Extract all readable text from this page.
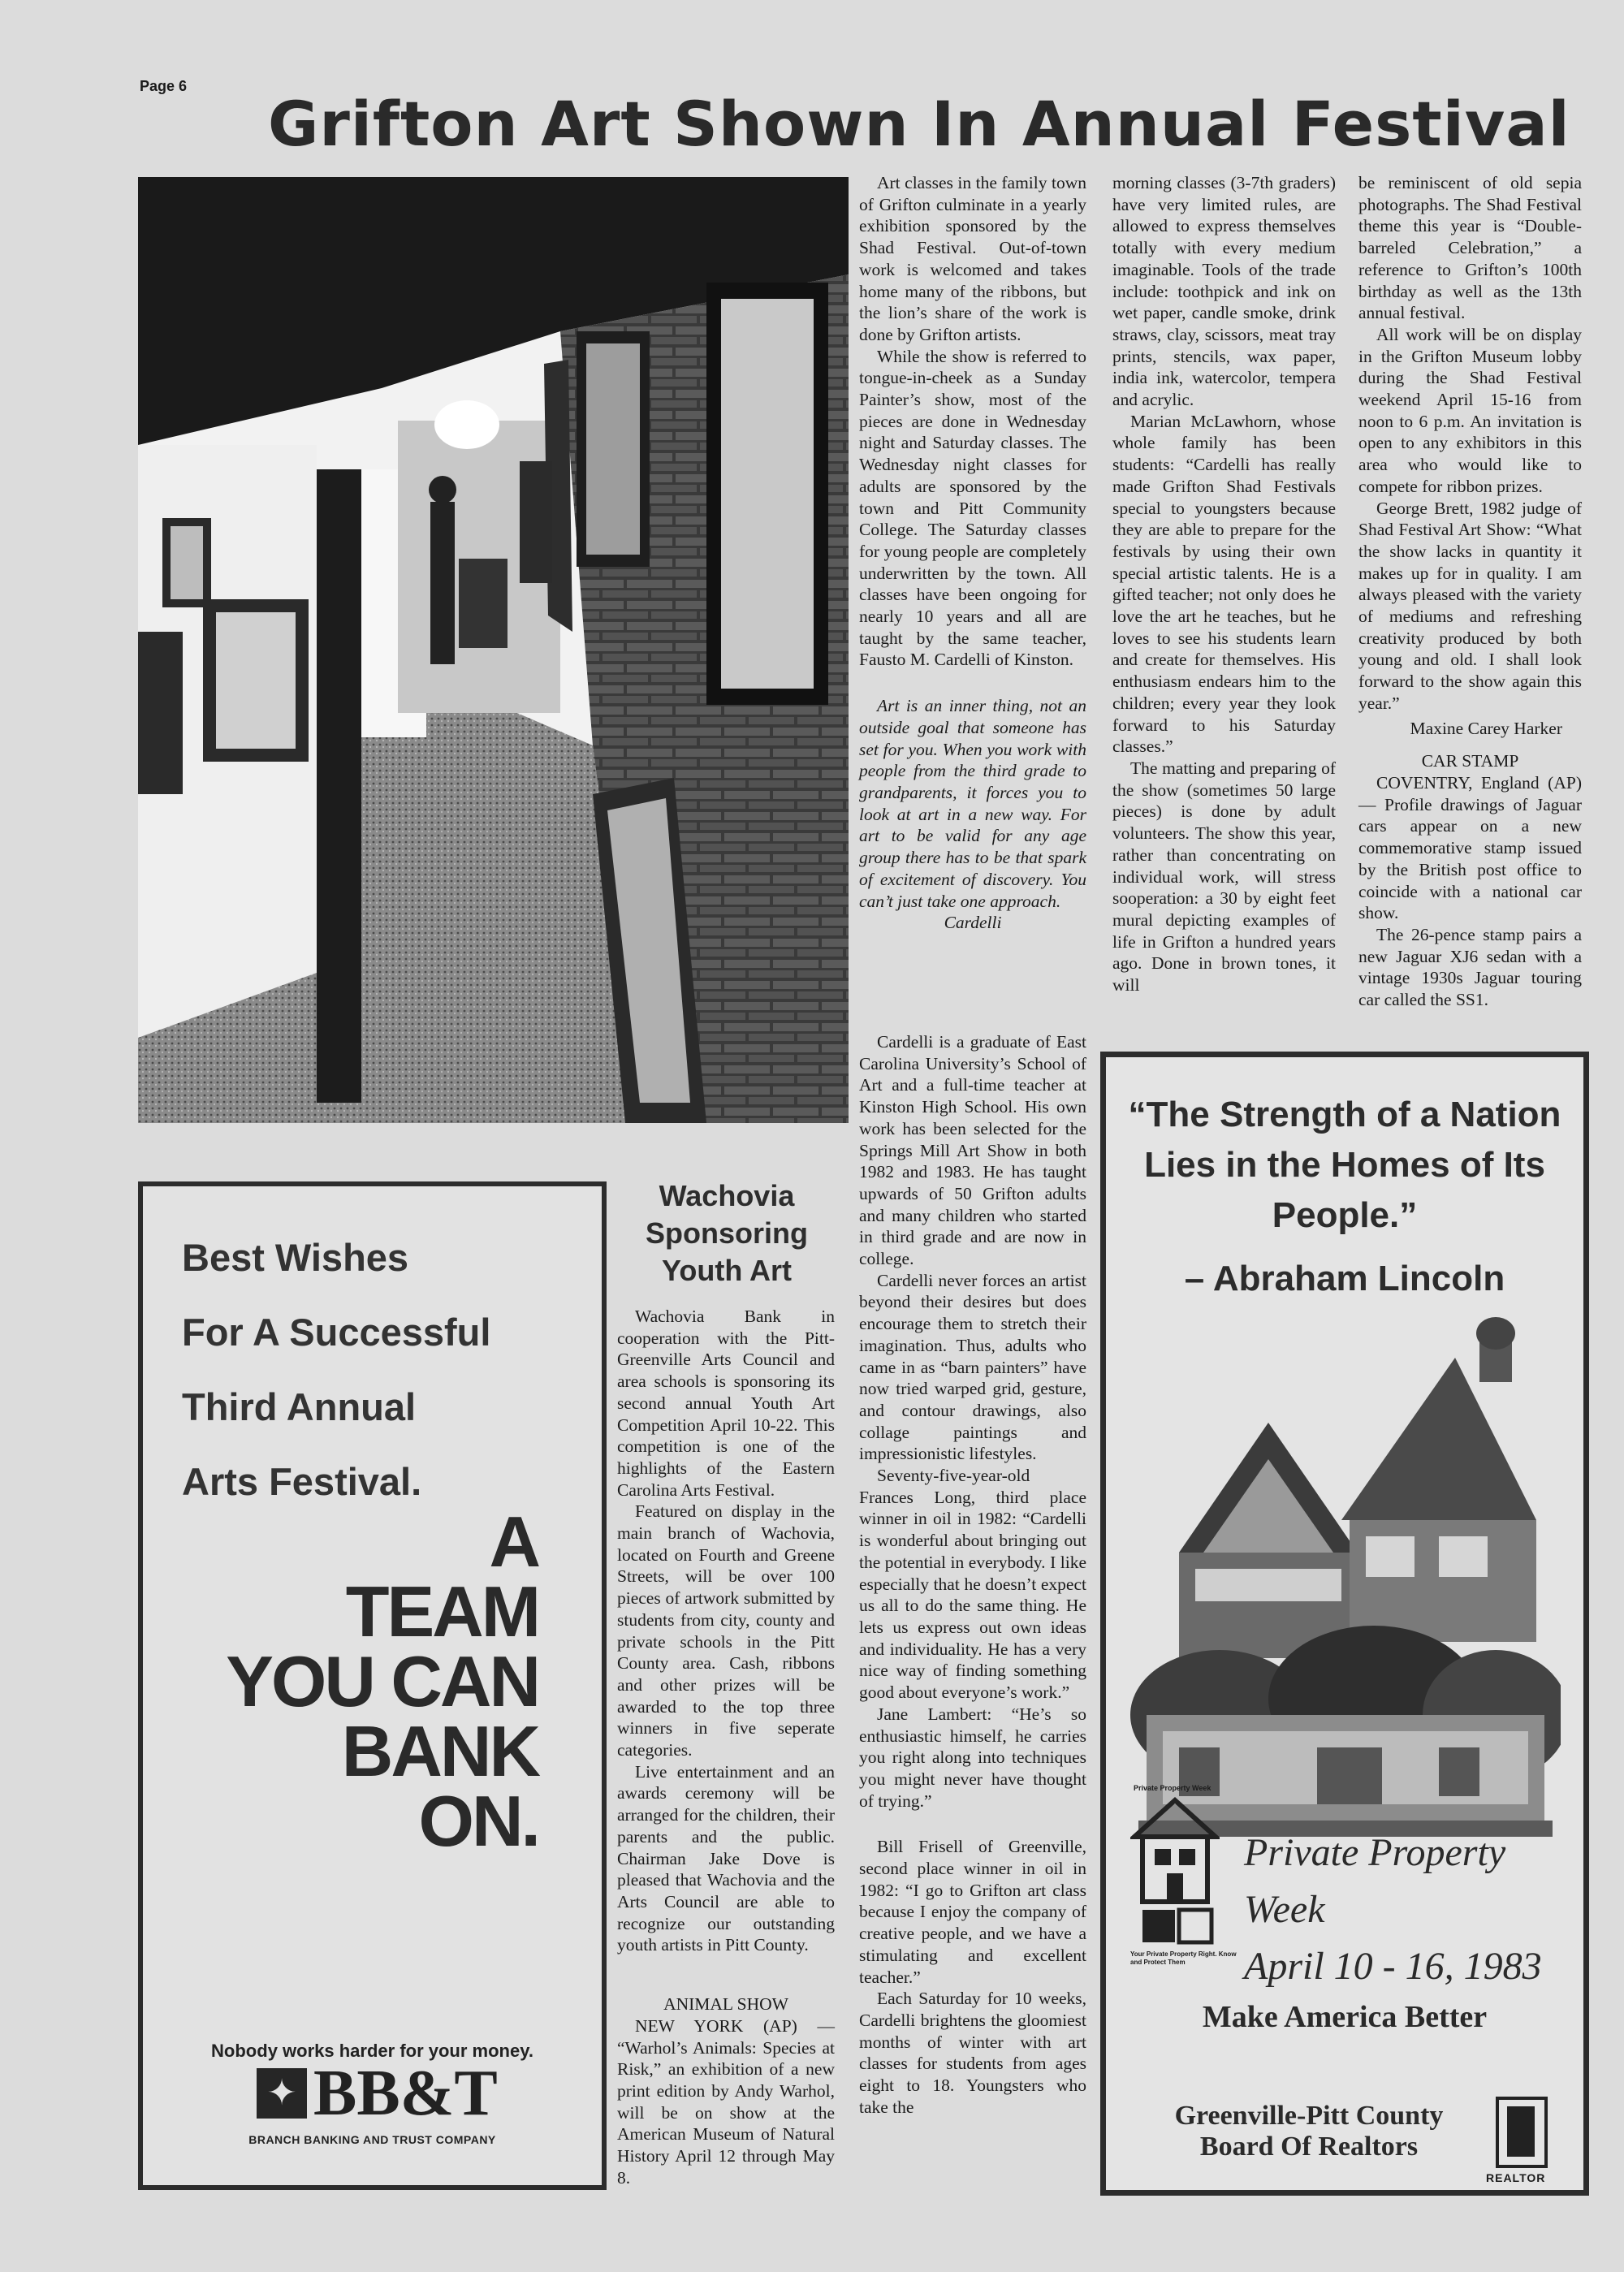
Page 6
Grifton Art Shown In Annual Festival

Art classes in the family town of Grifton culminate in a yearly exhibition sponsored by the Shad Festival. Out-of-town work is welcomed and takes home many of the ribbons, but the lion’s share of the work is done by Grifton artists.

While the show is referred to tongue-in-cheek as a Sunday Painter’s show, most of the pieces are done in Wednesday night and Saturday classes. The Wednesday night classes for adults are sponsored by the town and Pitt Community College. The Saturday classes for young people are completely underwritten by the town. All classes have been ongoing for nearly 10 years and all are taught by the same teacher, Fausto M. Cardelli of Kinston.

Art is an inner thing, not an outside goal that someone has set for you. When you work with people from the third grade to grandparents, it forces you to look at art in a new way. For art to be valid for any age group there has to be that spark of excitement of discovery. You can’t just take one approach.

Cardelli

Cardelli is a graduate of East Carolina University’s School of Art and a full-time teacher at Kinston High School. His own work has been selected for the Springs Mill Art Show in both 1982 and 1983. He has taught upwards of 50 Grifton adults and many children who started in third grade and are now in college.

Cardelli never forces an artist beyond their desires but does encourage them to stretch their imagination. Thus, adults who came in as “barn painters” have now tried warped grid, gesture, and contour drawings, also collage paintings and impressionistic lifestyles.

Seventy-five-year-old Frances Long, third place winner in oil in 1982: “Cardelli is wonderful about bringing out the potential in everybody. I like especially that he doesn’t expect us all to do the same thing. He lets us express out own ideas and individuality. He has a very nice way of finding something good about everyone’s work.”

Jane Lambert: “He’s so enthusiastic himself, he carries you right along into techniques you might never have thought of trying.”

Bill Frisell of Greenville, second place winner in oil in 1982: “I go to Grifton art class because I enjoy the company of creative people, and we have a stimulating and excellent teacher.”

Each Saturday for 10 weeks, Cardelli brightens the gloomiest months of winter with art classes for students from ages eight to 18. Youngsters who take the

morning classes (3-7th graders) have very limited rules, are allowed to express themselves totally with every medium imaginable. Tools of the trade include: toothpick and ink on wet paper, candle smoke, drink straws, clay, scissors, meat tray prints, stencils, wax paper, india ink, watercolor, tempera and acrylic.

Marian McLawhorn, whose whole family has been students: “Cardelli has really made Grifton Shad Festivals special to youngsters because they are able to prepare for the festivals by using their own special artistic talents. He is a gifted teacher; not only does he love the art he teaches, but he loves to see his students learn and create for themselves. His enthusiasm endears him to the children; every year they look forward to his Saturday classes.”

The matting and preparing of the show (sometimes 50 large pieces) is done by adult volunteers. The show this year, rather than concentrating on individual work, will stress sooperation: a 30 by eight feet mural depicting examples of life in Grifton a hundred years ago. Done in brown tones, it will

be reminiscent of old sepia photographs. The Shad Festival theme this year is “Double-barreled Celebration,” a reference to Grifton’s 100th birthday as well as the 13th annual festival.

All work will be on display in the Grifton Museum lobby during the Shad Festival weekend April 15-16 from noon to 6 p.m. An invitation is open to any exhibitors in this area who would like to compete for ribbon prizes.

George Brett, 1982 judge of Shad Festival Art Show: “What the show lacks in quantity it makes up for in quality. I am always pleased with the variety of mediums and refreshing creativity produced by both young and old. I shall look forward to the show again this year.”

Maxine Carey Harker

CAR STAMP

COVENTRY, England (AP) — Profile drawings of Jaguar cars appear on a new commemorative stamp issued by the British post office to coincide with a national car show.

The 26-pence stamp pairs a new Jaguar XJ6 sedan with a vintage 1930s Jaguar touring car called the SS1.

Wachovia Sponsoring Youth Art

Wachovia Bank in cooperation with the Pitt-Greenville Arts Council and area schools is sponsoring its second annual Youth Art Competition April 10-22. This competition is one of the highlights of the Eastern Carolina Arts Festival.

Featured on display in the main branch of Wachovia, located on Fourth and Greene Streets, will be over 100 pieces of artwork submitted by students from city, county and private schools in the Pitt County area. Cash, ribbons and other prizes will be awarded to the top three winners in five seperate categories.

Live entertainment and an awards ceremony will be arranged for the children, their parents and the public. Chairman Jake Dove is pleased that Wachovia and the Arts Council are able to recognize our outstanding youth artists in Pitt County.

ANIMAL SHOW

NEW YORK (AP) — “Warhol’s Animals: Species at Risk,” an exhibition of a new print edition by Andy Warhol, will be on show at the American Museum of Natural History April 12 through May 8.

Best Wishes
For A Successful
Third Annual
Arts Festival.
A
TEAM
YOU CAN
BANK
ON.
Nobody works harder for your money.
✦ BB&T
BRANCH BANKING AND TRUST COMPANY
“The Strength of a Nation Lies in the Homes of Its People.”
– Abraham Lincoln
Private Property Week
Your Private Property Right. Know and Protect Them
Private Property Week
April 10 - 16, 1983
Make America Better
Greenville-Pitt County
Board Of Realtors
REALTOR
